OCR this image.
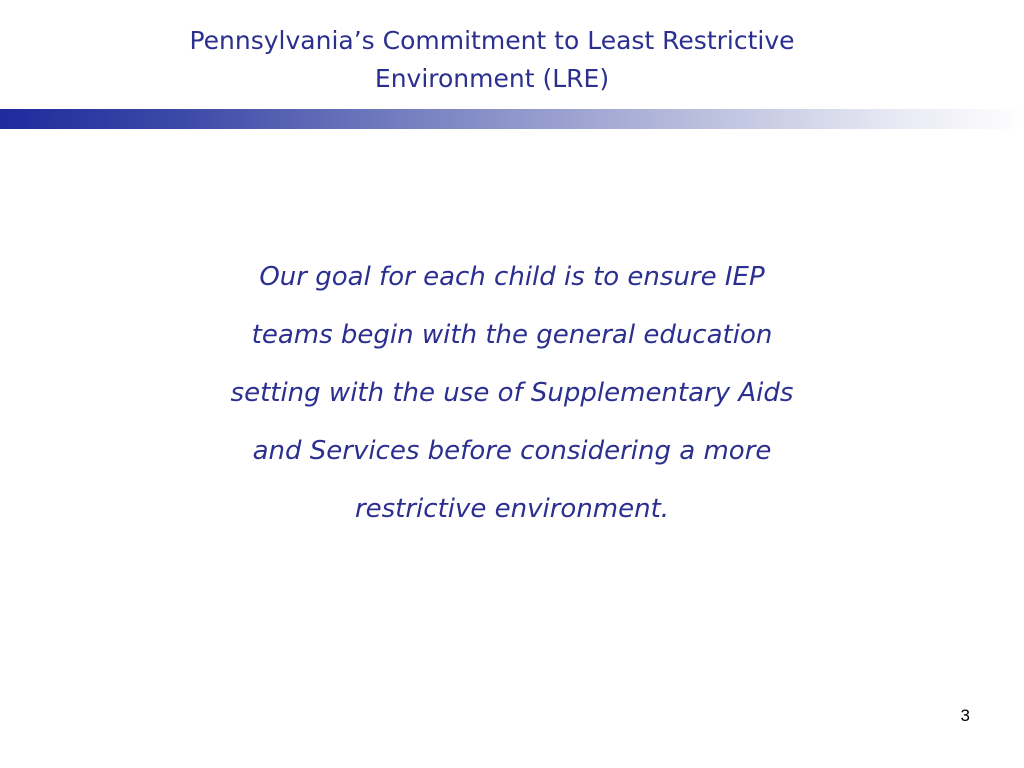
Pennsylvania’s Commitment to Least Restrictive
Environment (LRE)
Our goal for each child is to ensure IEP
teams begin with the general education
setting with the use of Supplementary Aids
and Services before considering a more
restrictive environment.
3
